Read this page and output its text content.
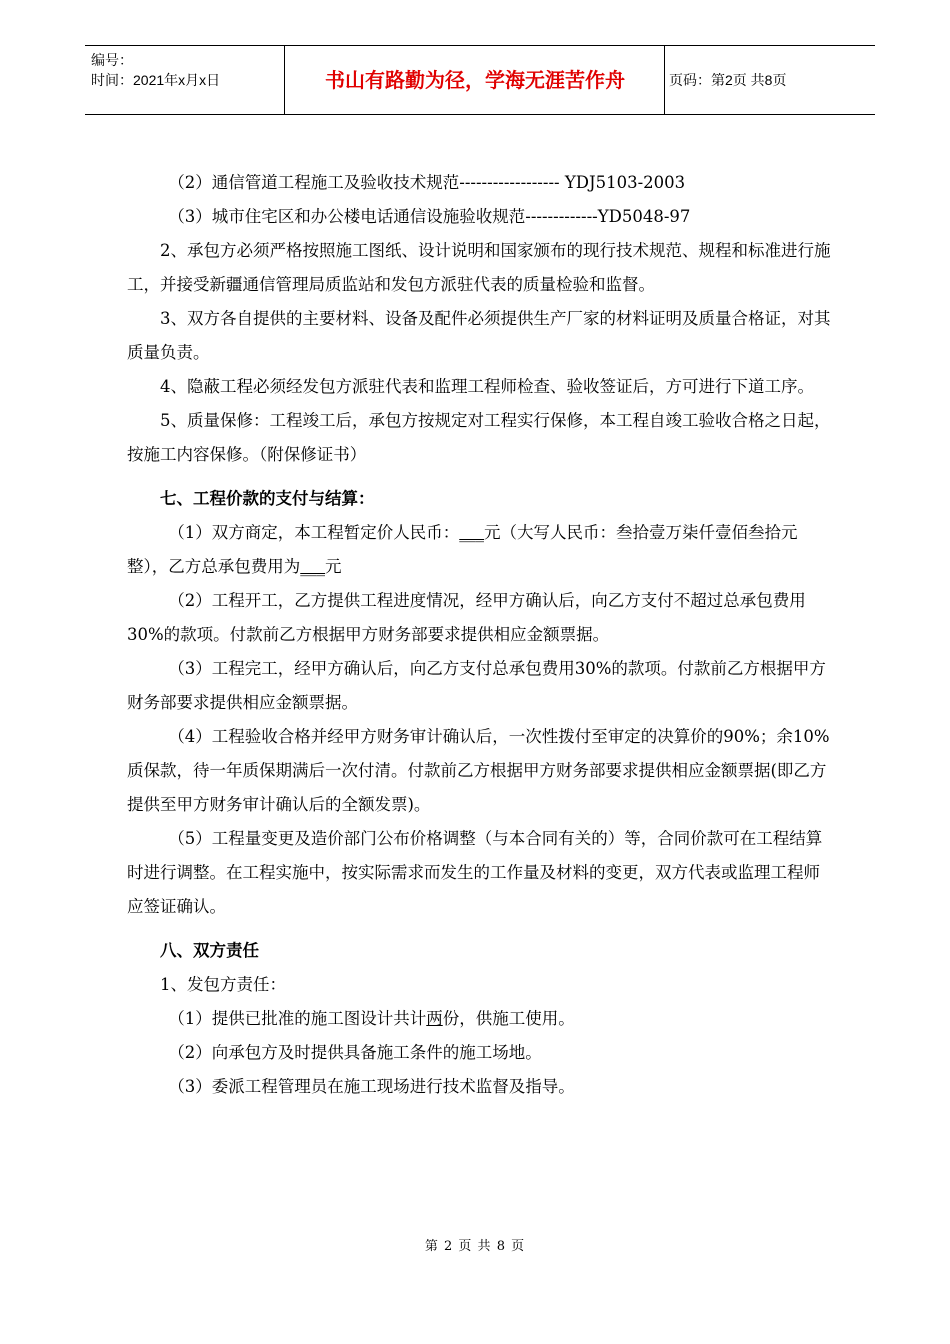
编号：
时间：2021年x月x日	书山有路勤为径，学海无涯苦作舟	页码：第2页 共8页

（2）通信管道工程施工及验收技术规范------------------ YDJ5103-2003

（3）城市住宅区和办公楼电话通信设施验收规范-------------YD5048-97

2、承包方必须严格按照施工图纸、设计说明和国家颁布的现行技术规范、规程和标准进行施工，并接受新疆通信管理局质监站和发包方派驻代表的质量检验和监督。

3、双方各自提供的主要材料、设备及配件必须提供生产厂家的材料证明及质量合格证，对其质量负责。

4、隐蔽工程必须经发包方派驻代表和监理工程师检查、验收签证后，方可进行下道工序。

5、质量保修：工程竣工后，承包方按规定对工程实行保修，本工程自竣工验收合格之日起，按施工内容保修。（附保修证书）

七、工程价款的支付与结算：

（1）双方商定，本工程暂定价人民币：___元（大写人民币：叁拾壹万柒仟壹佰叁拾元整），乙方总承包费用为___元

（2）工程开工，乙方提供工程进度情况，经甲方确认后，向乙方支付不超过总承包费用30%的款项。付款前乙方根据甲方财务部要求提供相应金额票据。

（3）工程完工，经甲方确认后，向乙方支付总承包费用30%的款项。付款前乙方根据甲方财务部要求提供相应金额票据。

（4）工程验收合格并经甲方财务审计确认后，一次性拨付至审定的决算价的90%；余10%质保款，待一年质保期满后一次付清。付款前乙方根据甲方财务部要求提供相应金额票据(即乙方提供至甲方财务审计确认后的全额发票)。

（5）工程量变更及造价部门公布价格调整（与本合同有关的）等，合同价款可在工程结算时进行调整。在工程实施中，按实际需求而发生的工作量及材料的变更，双方代表或监理工程师应签证确认。

八、双方责任

1、发包方责任：

（1）提供已批准的施工图设计共计两份，供施工使用。

（2）向承包方及时提供具备施工条件的施工场地。

（3）委派工程管理员在施工现场进行技术监督及指导。

第 2 页 共 8 页
